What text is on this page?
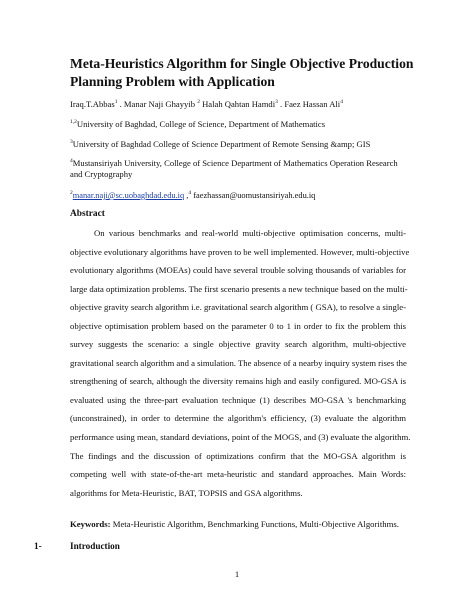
Meta-Heuristics Algorithm for Single Objective Production Planning Problem with Application
Iraq.T.Abbas$^1$ . Manar Naji Ghayyib $^2$ Halah Qahtan Hamdi$^3$ . Faez Hassan Ali$^4$
$^{1,2}$University of Baghdad, College of Science, Department of Mathematics
$^3$University of Baghdad College of Science Department of Remote Sensing &amp; GIS
$^4$Mustansiriyah University, College of Science Department of Mathematics Operation Research and Cryptography
$^2$manar.naji@sc.uobaghdad.edu.iq ,$^4$ faezhassan@uomustansiriyah.edu.iq
Abstract
On various benchmarks and real-world multi-objective optimisation concerns, multi-
objective evolutionary algorithms have proven to be well implemented. However, multi-objective
evolutionary algorithms (MOEAs) could have several trouble solving thousands of variables for
large data optimization problems. The first scenario presents a new technique based on the multi-
objective gravity search algorithm i.e. gravitational search algorithm ( GSA), to resolve a single-
objective optimisation problem based on the parameter 0 to 1 in order to fix the problem this
survey suggests the scenario: a single objective gravity search algorithm, multi-objective
gravitational search algorithm and a simulation. The absence of a nearby inquiry system rises the
strengthening of search, although the diversity remains high and easily configured. MO-GSA is
evaluated using the three-part evaluation technique (1) describes MO-GSA 's benchmarking
(unconstrained), in order to determine the algorithm's efficiency, (3) evaluate the algorithm
performance using mean, standard deviations, point of the MOGS, and (3) evaluate the algorithm.
The findings and the discussion of optimizations confirm that the MO-GSA algorithm is
competing well with state-of-the-art meta-heuristic and standard approaches. Main Words:
algorithms for Meta-Heuristic, BAT, TOPSIS and GSA algorithms.
Keywords: Meta-Heuristic Algorithm, Benchmarking Functions, Multi-Objective Algorithms.
1-	Introduction
1
